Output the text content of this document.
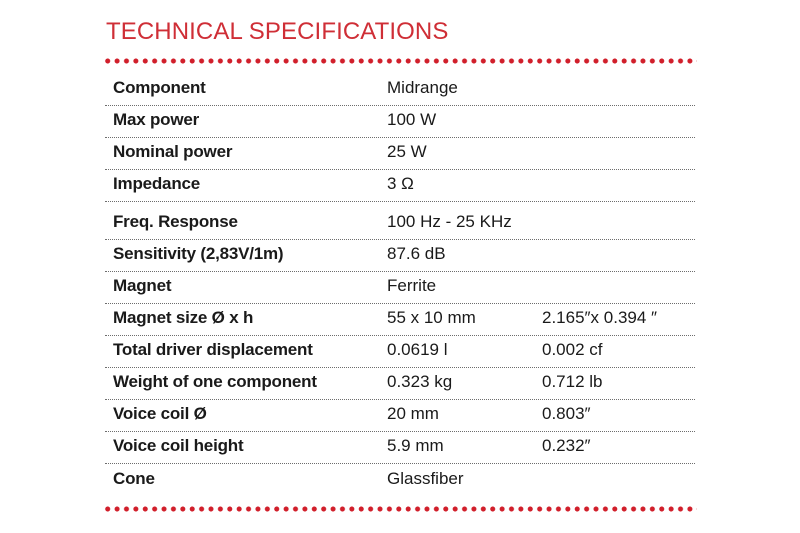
TECHNICAL SPECIFICATIONS
Component	Midrange
Max power	100 W
Nominal power	25 W
Impedance	3 Ω
Freq. Response	100 Hz - 25 KHz
Sensitivity (2,83V/1m)	87.6 dB
Magnet	Ferrite
Magnet size Ø x h	55 x 10 mm	2.165″x 0.394 ″
Total driver displacement	0.0619 l	0.002 cf
Weight of one component	0.323 kg	0.712 lb
Voice coil Ø	20 mm	0.803″
Voice coil height	5.9 mm	0.232″
Cone	Glassfiber
